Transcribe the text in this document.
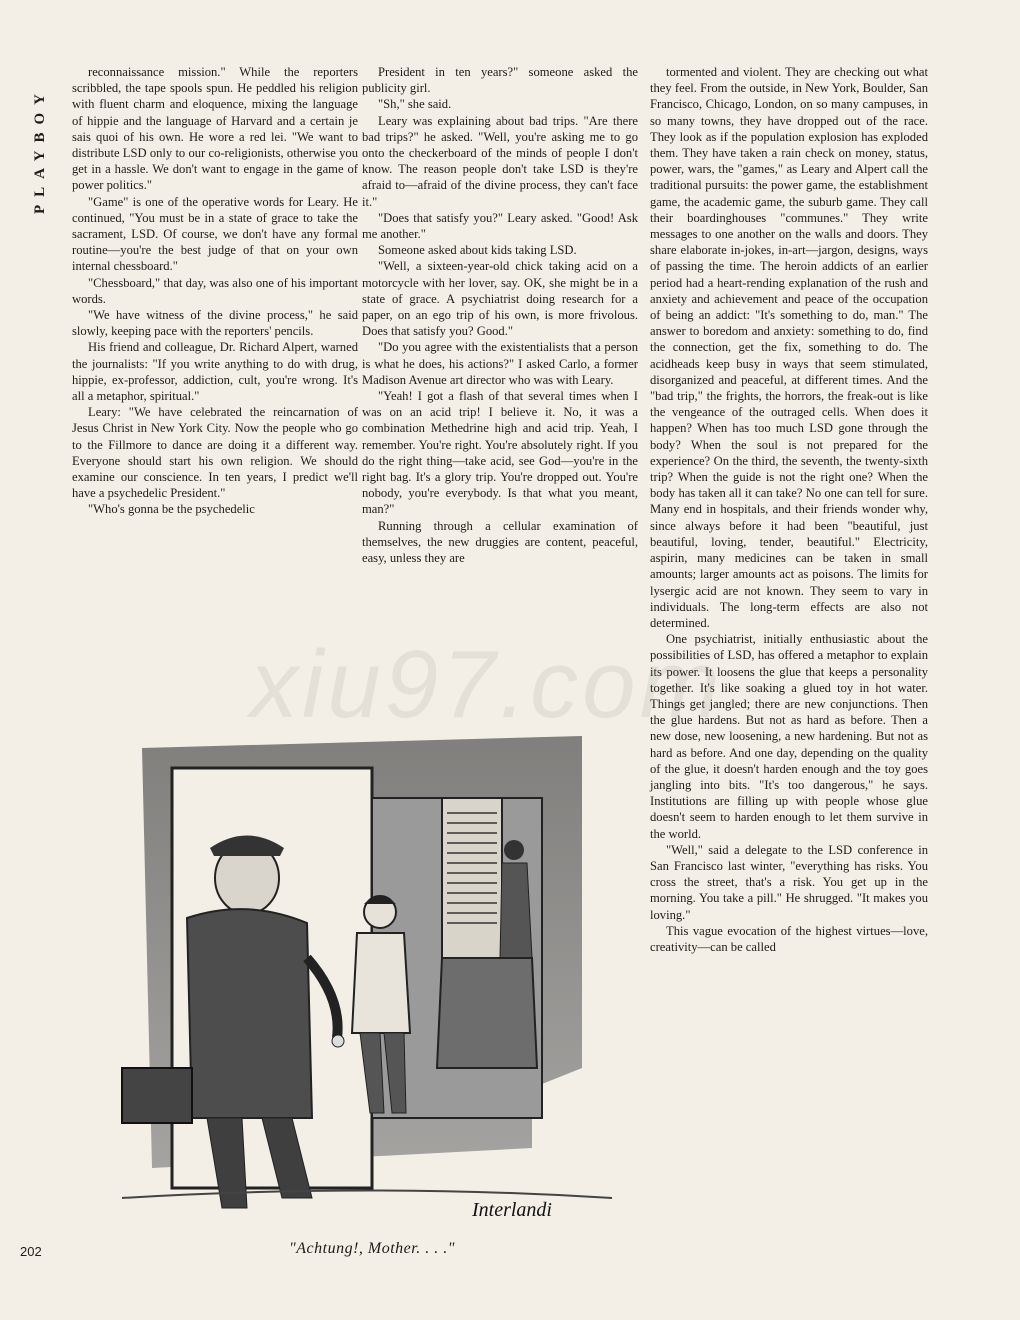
PLAYBOY

reconnaissance mission." While the reporters scribbled, the tape spools spun. He peddled his religion with fluent charm and eloquence, mixing the language of hippie and the language of Harvard and a certain je sais quoi of his own. He wore a red lei. "We want to distribute LSD only to our co-religionists, otherwise you get in a hassle. We don't want to engage in the game of power politics."

"Game" is one of the operative words for Leary. He continued, "You must be in a state of grace to take the sacrament, LSD. Of course, we don't have any formal routine—you're the best judge of that on your own internal chessboard."

"Chessboard," that day, was also one of his important words.

"We have witness of the divine process," he said slowly, keeping pace with the reporters' pencils.

His friend and colleague, Dr. Richard Alpert, warned the journalists: "If you write anything to do with drug, hippie, ex-professor, addiction, cult, you're wrong. It's all a metaphor, spiritual."

Leary: "We have celebrated the reincarnation of Jesus Christ in New York City. Now the people who go to the Fillmore to dance are doing it a different way. Everyone should start his own religion. We should examine our conscience. In ten years, I predict we'll have a psychedelic President."

"Who's gonna be the psychedelic

President in ten years?" someone asked the publicity girl.

"Sh," she said.

Leary was explaining about bad trips. "Are there bad trips?" he asked. "Well, you're asking me to go onto the checkerboard of the minds of people I don't know. The reason people don't take LSD is they're afraid to—afraid of the divine process, they can't face it."

"Does that satisfy you?" Leary asked. "Good! Ask me another."

Someone asked about kids taking LSD.

"Well, a sixteen-year-old chick taking acid on a motorcycle with her lover, say. OK, she might be in a state of grace. A psychiatrist doing research for a paper, on an ego trip of his own, is more frivolous. Does that satisfy you? Good."

"Do you agree with the existentialists that a person is what he does, his actions?" I asked Carlo, a former Madison Avenue art director who was with Leary.

"Yeah! I got a flash of that several times when I was on an acid trip! I believe it. No, it was a combination Methedrine high and acid trip. Yeah, I remember. You're right. You're absolutely right. If you do the right thing—take acid, see God—you're in the right bag. It's a glory trip. You're dropped out. You're nobody, you're everybody. Is that what you meant, man?"

Running through a cellular examination of themselves, the new druggies are content, peaceful, easy, unless they are

tormented and violent. They are checking out what they feel. From the outside, in New York, Boulder, San Francisco, Chicago, London, on so many campuses, in so many towns, they have dropped out of the race. They look as if the population explosion has exploded them. They have taken a rain check on money, status, power, wars, the "games," as Leary and Alpert call the traditional pursuits: the power game, the establishment game, the academic game, the suburb game. They call their boardinghouses "communes." They write messages to one another on the walls and doors. They share elaborate in-jokes, in-art—jargon, designs, ways of passing the time. The heroin addicts of an earlier period had a heart-rending explanation of the rush and anxiety and achievement and peace of the occupation of being an addict: "It's something to do, man." The answer to boredom and anxiety: something to do, find the connection, get the fix, something to do. The acidheads keep busy in ways that seem stimulated, disorganized and peaceful, at different times. And the "bad trip," the frights, the horrors, the freak-out is like the vengeance of the outraged cells. When does it happen? When has too much LSD gone through the body? When the soul is not prepared for the experience? On the third, the seventh, the twenty-sixth trip? When the guide is not the right one? When the body has taken all it can take? No one can tell for sure. Many end in hospitals, and their friends wonder why, since always before it had been "beautiful, just beautiful, loving, tender, beautiful." Electricity, aspirin, many medicines can be taken in small amounts; larger amounts act as poisons. The limits for lysergic acid are not known. They seem to vary in individuals. The long-term effects are also not determined.

One psychiatrist, initially enthusiastic about the possibilities of LSD, has offered a metaphor to explain its power. It loosens the glue that keeps a personality together. It's like soaking a glued toy in hot water. Things get jangled; there are new conjunctions. Then the glue hardens. But not as hard as before. Then a new dose, new loosening, a new hardening. But not as hard as before. And one day, depending on the quality of the glue, it doesn't harden enough and the toy goes jangling into bits. "It's too dangerous," he says. Institutions are filling up with people whose glue doesn't seem to harden enough to let them survive in the world.

"Well," said a delegate to the LSD conference in San Francisco last winter, "everything has risks. You cross the street, that's a risk. You get up in the morning. You take a pill." He shrugged. "It makes you loving."

This vague evocation of the highest virtues—love, creativity—can be called

xiu97.com
Interlandi
"Achtung!, Mother. . . ."
202
